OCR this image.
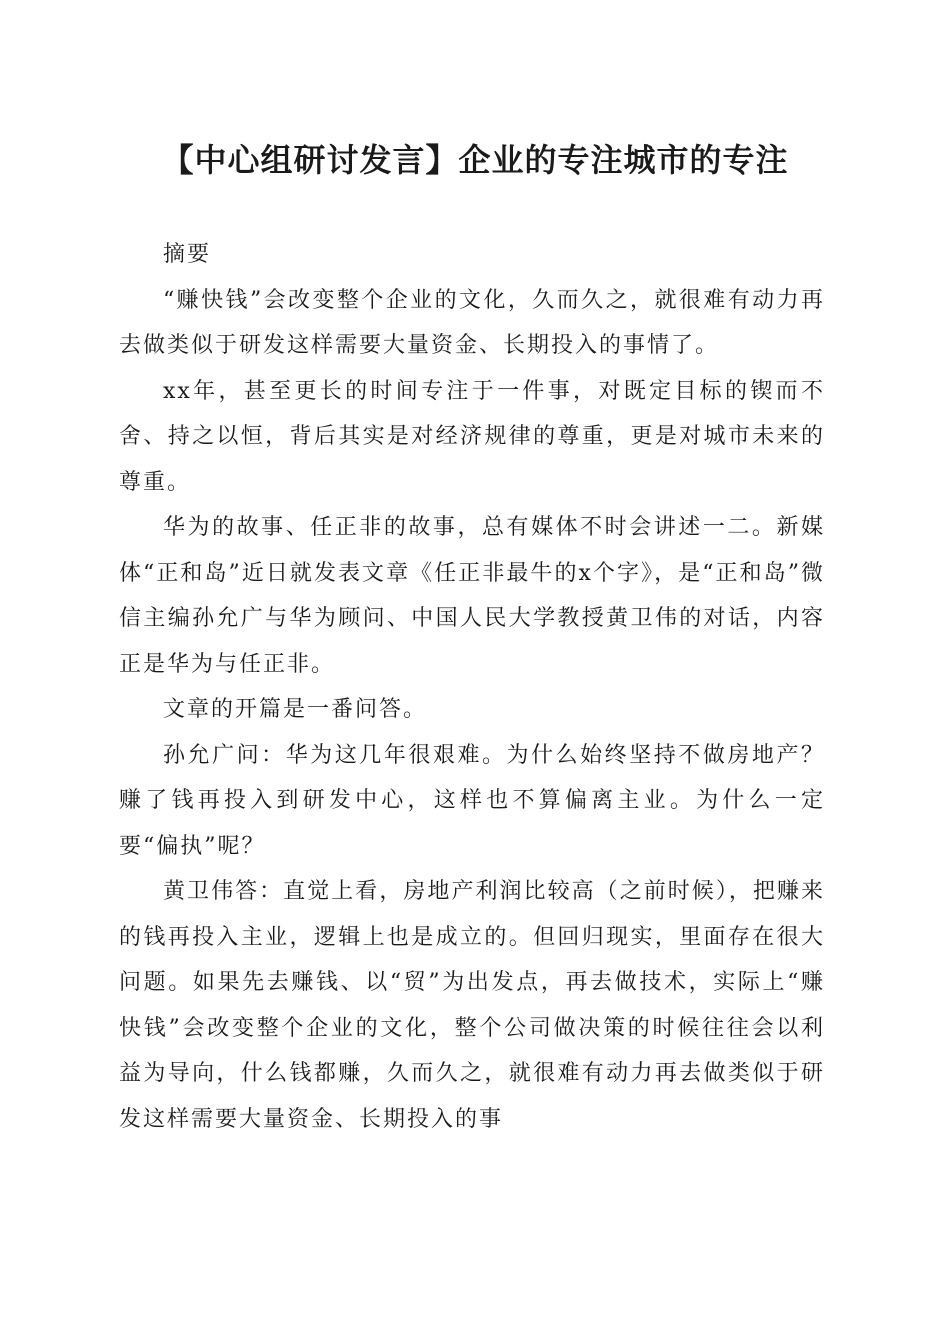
【中心组研讨发言】企业的专注城市的专注

摘要

“赚快钱”会改变整个企业的文化，久而久之，就很难有动力再去做类似于研发这样需要大量资金、长期投入的事情了。

xx年，甚至更长的时间专注于一件事，对既定目标的锲而不舍、持之以恒，背后其实是对经济规律的尊重，更是对城市未来的尊重。

华为的故事、任正非的故事，总有媒体不时会讲述一二。新媒体“正和岛”近日就发表文章《任正非最牛的x个字》，是“正和岛”微信主编孙允广与华为顾问、中国人民大学教授黄卫伟的对话，内容正是华为与任正非。

文章的开篇是一番问答。

孙允广问：华为这几年很艰难。为什么始终坚持不做房地产？赚了钱再投入到研发中心，这样也不算偏离主业。为什么一定要“偏执”呢？

黄卫伟答：直觉上看，房地产利润比较高（之前时候），把赚来的钱再投入主业，逻辑上也是成立的。但回归现实，里面存在很大问题。如果先去赚钱、以“贸”为出发点，再去做技术，实际上“赚快钱”会改变整个企业的文化，整个公司做决策的时候往往会以利益为导向，什么钱都赚，久而久之，就很难有动力再去做类似于研发这样需要大量资金、长期投入的事
